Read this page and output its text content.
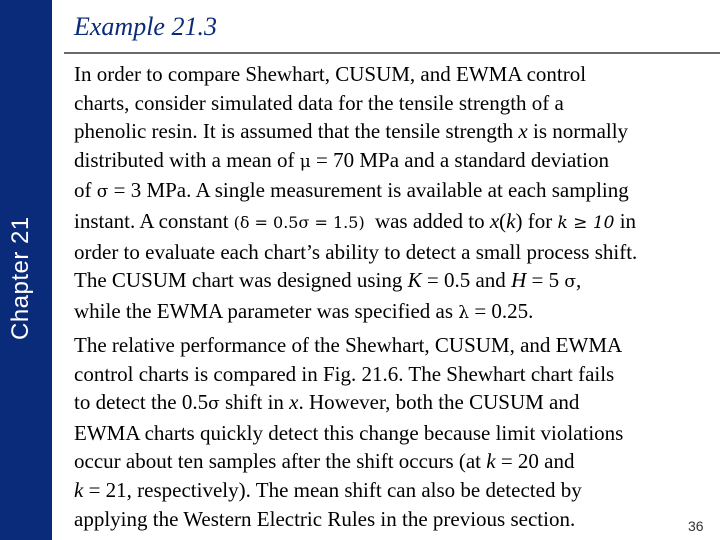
Chapter 21
Example 21.3
In order to compare Shewhart, CUSUM, and EWMA control
charts, consider simulated data for the tensile strength of a
phenolic resin. It is assumed that the tensile strength x is normally
distributed with a mean of μ = 70 MPa and a standard deviation
of σ = 3 MPa. A single measurement is available at each sampling
instant. A constant( δ = 0.5σ = 1.5 ) was added to x(k) for k ≥ 10 in
order to evaluate each chart’s ability to detect a small process shift.
The CUSUM chart was designed using K = 0.5 and H = 5 σ,
while the EWMA parameter was specified as λ = 0.25.
The relative performance of the Shewhart, CUSUM, and EWMA
control charts is compared in Fig. 21.6. The Shewhart chart fails
to detect the 0.5σ shift in x. However, both the CUSUM and
EWMA charts quickly detect this change because limit violations
occur about ten samples after the shift occurs (at k = 20 and
k = 21, respectively). The mean shift can also be detected by
applying the Western Electric Rules in the previous section.	36
